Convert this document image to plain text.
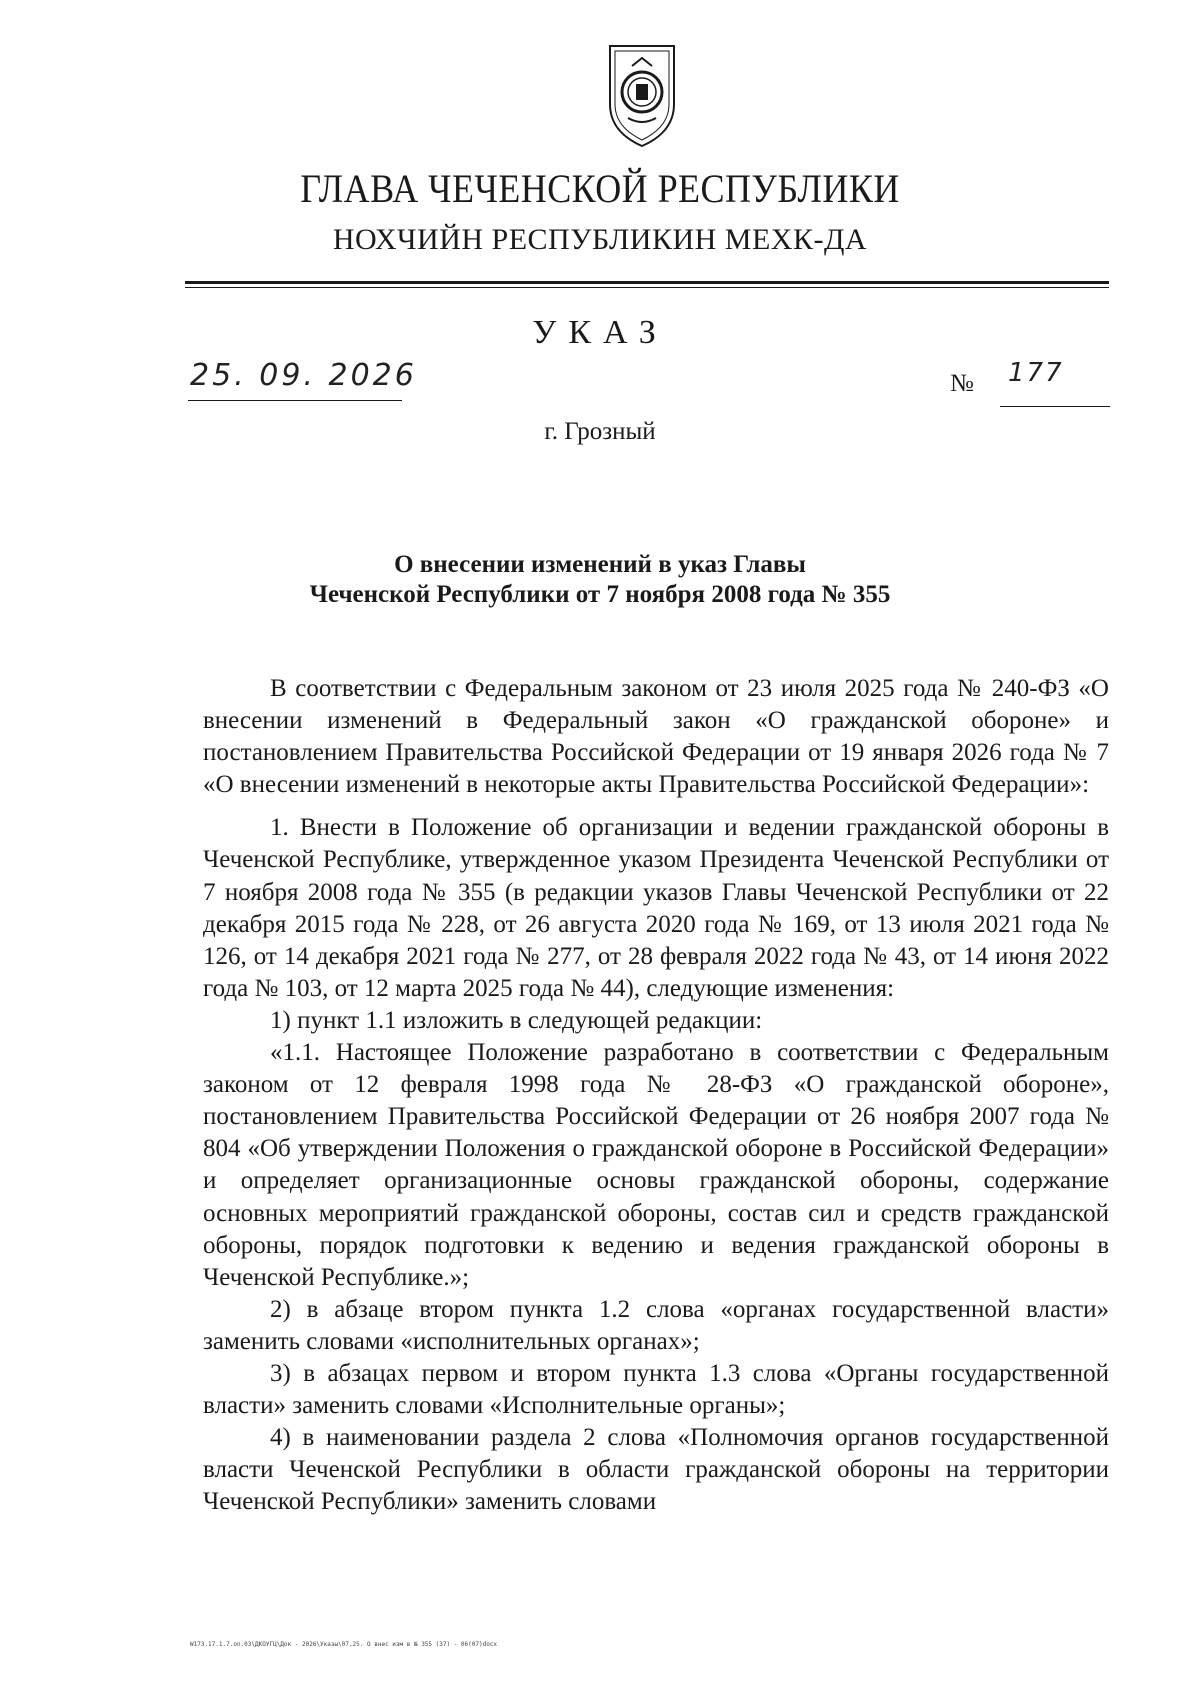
ГЛАВА ЧЕЧЕНСКОЙ РЕСПУБЛИКИ
НОХЧИЙН РЕСПУБЛИКИН МЕХК-ДА
УКАЗ
25. 09. 2026	№ 177
г. Грозный
О внесении изменений в указ Главы
Чеченской Республики от 7 ноября 2008 года № 355

В соответствии с Федеральным законом от 23 июля 2025 года № 240-ФЗ «О внесении изменений в Федеральный закон «О гражданской обороне» и постановлением Правительства Российской Федерации от 19 января 2026 года № 7 «О внесении изменений в некоторые акты Правительства Российской Федерации»:

1. Внести в Положение об организации и ведении гражданской обороны в Чеченской Республике, утвержденное указом Президента Чеченской Республики от 7 ноября 2008 года № 355 (в редакции указов Главы Чеченской Республики от 22 декабря 2015 года № 228, от 26 августа 2020 года № 169, от 13 июля 2021 года № 126, от 14 декабря 2021 года № 277, от 28 февраля 2022 года № 43, от 14 июня 2022 года № 103, от 12 марта 2025 года № 44), следующие изменения:

1) пункт 1.1 изложить в следующей редакции:

«1.1. Настоящее Положение разработано в соответствии с Федеральным законом от 12 февраля 1998 года № 28-ФЗ «О гражданской обороне», постановлением Правительства Российской Федерации от 26 ноября 2007 года № 804 «Об утверждении Положения о гражданской обороне в Российской Федерации» и определяет организационные основы гражданской обороны, содержание основных мероприятий гражданской обороны, состав сил и средств гражданской обороны, порядок подготовки к ведению и ведения гражданской обороны в Чеченской Республике.»;

2) в абзаце втором пункта 1.2 слова «органах государственной власти» заменить словами «исполнительных органах»;

3) в абзацах первом и втором пункта 1.3 слова «Органы государственной власти» заменить словами «Исполнительные органы»;

4) в наименовании раздела 2 слова «Полномочия органов государственной власти Чеченской Республики в области гражданской обороны на территории Чеченской Республики» заменить словами

W173.17.1.7.on.03\ДКОУГЦ\Док - 2026\Указы\07.25. О внес изм в № 355 (37) - 06(07)docx
